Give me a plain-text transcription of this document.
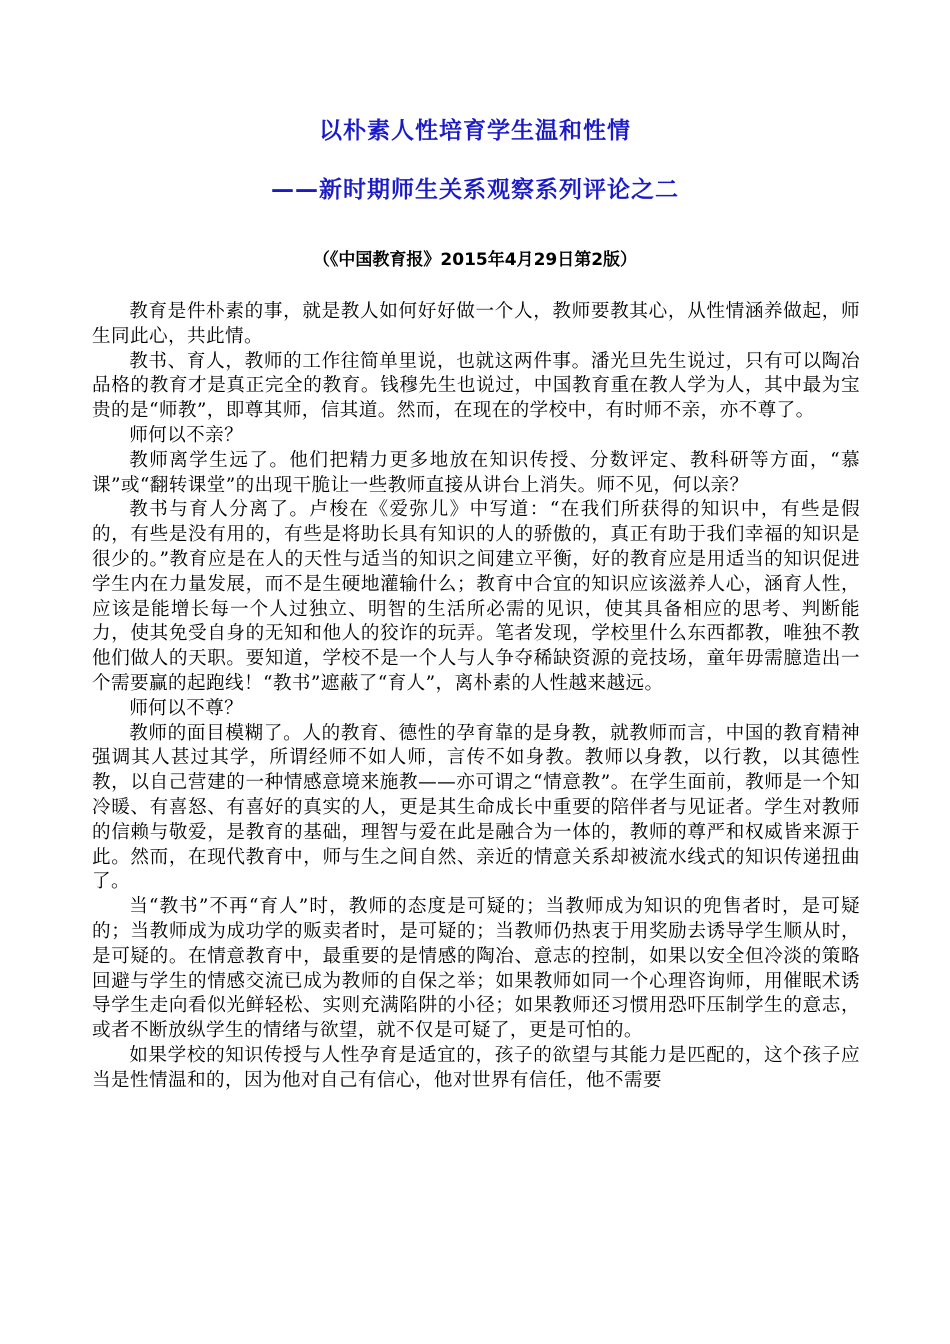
以朴素人性培育学生温和性情
——新时期师生关系观察系列评论之二

（《中国教育报》2015年4月29日第2版）

教育是件朴素的事，就是教人如何好好做一个人，教师要教其心，从性情涵养做起，师生同此心，共此情。

教书、育人，教师的工作往简单里说，也就这两件事。潘光旦先生说过，只有可以陶冶品格的教育才是真正完全的教育。钱穆先生也说过，中国教育重在教人学为人，其中最为宝贵的是“师教”，即尊其师，信其道。然而，在现在的学校中，有时师不亲，亦不尊了。

师何以不亲？

教师离学生远了。他们把精力更多地放在知识传授、分数评定、教科研等方面，“慕课”或“翻转课堂”的出现干脆让一些教师直接从讲台上消失。师不见，何以亲？

教书与育人分离了。卢梭在《爱弥儿》中写道：“在我们所获得的知识中，有些是假的，有些是没有用的，有些是将助长具有知识的人的骄傲的，真正有助于我们幸福的知识是很少的。”教育应是在人的天性与适当的知识之间建立平衡，好的教育应是用适当的知识促进学生内在力量发展，而不是生硬地灌输什么；教育中合宜的知识应该滋养人心，涵育人性，应该是能增长每一个人过独立、明智的生活所必需的见识，使其具备相应的思考、判断能力，使其免受自身的无知和他人的狡诈的玩弄。笔者发现，学校里什么东西都教，唯独不教他们做人的天职。要知道，学校不是一个人与人争夺稀缺资源的竞技场，童年毋需臆造出一个需要赢的起跑线！“教书”遮蔽了“育人”，离朴素的人性越来越远。

师何以不尊？

教师的面目模糊了。人的教育、德性的孕育靠的是身教，就教师而言，中国的教育精神强调其人甚过其学，所谓经师不如人师，言传不如身教。教师以身教，以行教，以其德性教，以自己营建的一种情感意境来施教——亦可谓之“情意教”。在学生面前，教师是一个知冷暖、有喜怒、有喜好的真实的人，更是其生命成长中重要的陪伴者与见证者。学生对教师的信赖与敬爱，是教育的基础，理智与爱在此是融合为一体的，教师的尊严和权威皆来源于此。然而，在现代教育中，师与生之间自然、亲近的情意关系却被流水线式的知识传递扭曲了。

当“教书”不再“育人”时，教师的态度是可疑的；当教师成为知识的兜售者时，是可疑的；当教师成为成功学的贩卖者时，是可疑的；当教师仍热衷于用奖励去诱导学生顺从时，是可疑的。在情意教育中，最重要的是情感的陶冶、意志的控制，如果以安全但冷淡的策略回避与学生的情感交流已成为教师的自保之举；如果教师如同一个心理咨询师，用催眠术诱导学生走向看似光鲜轻松、实则充满陷阱的小径；如果教师还习惯用恐吓压制学生的意志，或者不断放纵学生的情绪与欲望，就不仅是可疑了，更是可怕的。

如果学校的知识传授与人性孕育是适宜的，孩子的欲望与其能力是匹配的，这个孩子应当是性情温和的，因为他对自己有信心，他对世界有信任，他不需要
